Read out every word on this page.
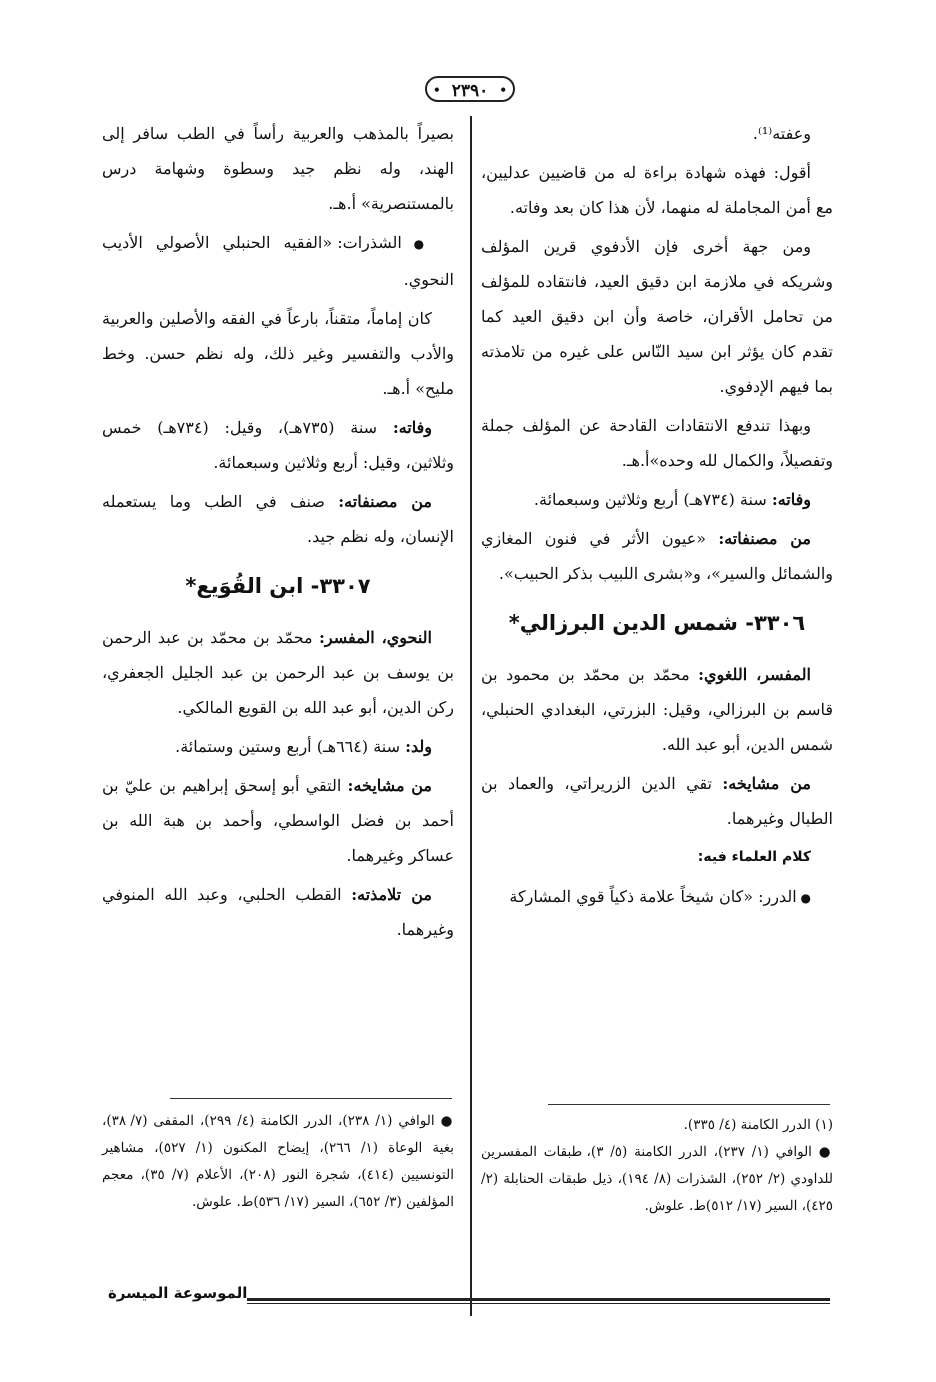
• ٢٣٩٠ •

وعفته⁽¹⁾.

أقول: فهذه شهادة براءة له من قاضيين عدليين، مع أمن المجاملة له منهما، لأن هذا كان بعد وفاته.

ومن جهة أخرى فإن الأدفوي قرين المؤلف وشريكه في ملازمة ابن دقيق العيد، فانتقاده للمؤلف من تحامل الأقران، خاصة وأن ابن دقيق العيد كما تقدم كان يؤثر ابن سيد النّاس على غيره من تلامذته بما فيهم الإدفوي.

وبهذا تندفع الانتقادات القادحة عن المؤلف جملة وتفصيلاً، والكمال لله وحده»أ.هـ.

وفاته: سنة (٧٣٤هـ) أربع وثلاثين وسبعمائة.

من مصنفاته: «عيون الأثر في فنون المغازي والشمائل والسير»، و«بشرى اللبيب بذكر الحبيب».

٣٣٠٦- شمس الدين البرزالي*

المفسر، اللغوي: محمّد بن محمّد بن محمود بن قاسم بن البرزالي، وقيل: البزرتي، البغدادي الحنبلي، شمس الدين، أبو عبد الله.

من مشايخه: تقي الدين الزريراتي، والعماد بن الطبال وغيرهما.

كلام العلماء فيه:

● الدرر: «كان شيخاً علامة ذكياً قوي المشاركة

بصيراً بالمذهب والعربية رأساً في الطب سافر إلى الهند، وله نظم جيد وسطوة وشهامة درس بالمستنصرية» أ.هـ.

● الشذرات: «الفقيه الحنبلي الأصولي الأديب النحوي.

كان إماماً، متقناً، بارعاً في الفقه والأصلين والعربية والأدب والتفسير وغير ذلك، وله نظم حسن. وخط مليح» أ.هـ.

وفاته: سنة (٧٣٥هـ)، وقيل: (٧٣٤هـ) خمس وثلاثين، وقيل: أربع وثلاثين وسبعمائة.

من مصنفاته: صنف في الطب وما يستعمله الإنسان، وله نظم جيد.

٣٣٠٧- ابن القُوَيع*

النحوي، المفسر: محمّد بن محمّد بن عبد الرحمن بن يوسف بن عبد الرحمن بن عبد الجليل الجعفري، ركن الدين، أبو عبد الله بن القويع المالكي.

ولد: سنة (٦٦٤هـ) أربع وستين وستمائة.

من مشايخه: التقي أبو إسحق إبراهيم بن عليّ بن أحمد بن فضل الواسطي، وأحمد بن هبة الله بن عساكر وغيرهما.

من تلامذته: القطب الحلبي، وعبد الله المنوفي وغيرهما.

(١) الدرر الكامنة (٤/ ٣٣٥).

● الوافي (١/ ٢٣٧)، الدرر الكامنة (٥/ ٣)، طبقات المفسرين للداودي (٢/ ٢٥٢)، الشذرات (٨/ ١٩٤)، ذيل طبقات الحنابلة (٢/ ٤٢٥)، السير (١٧/ ٥١٢)ط. علوش.

● الوافي (١/ ٢٣٨)، الدرر الكامنة (٤/ ٢٩٩)، المقفى (٧/ ٣٨)، بغية الوعاة (١/ ٢٦٦)، إيضاح المكنون (١/ ٥٢٧)، مشاهير التونسيين (٤١٤)، شجرة النور (٢٠٨)، الأعلام (٧/ ٣٥)، معجم المؤلفين (٣/ ٦٥٢)، السير (١٧/ ٥٣٦)ط. علوش.

الموسوعة الميسرة
